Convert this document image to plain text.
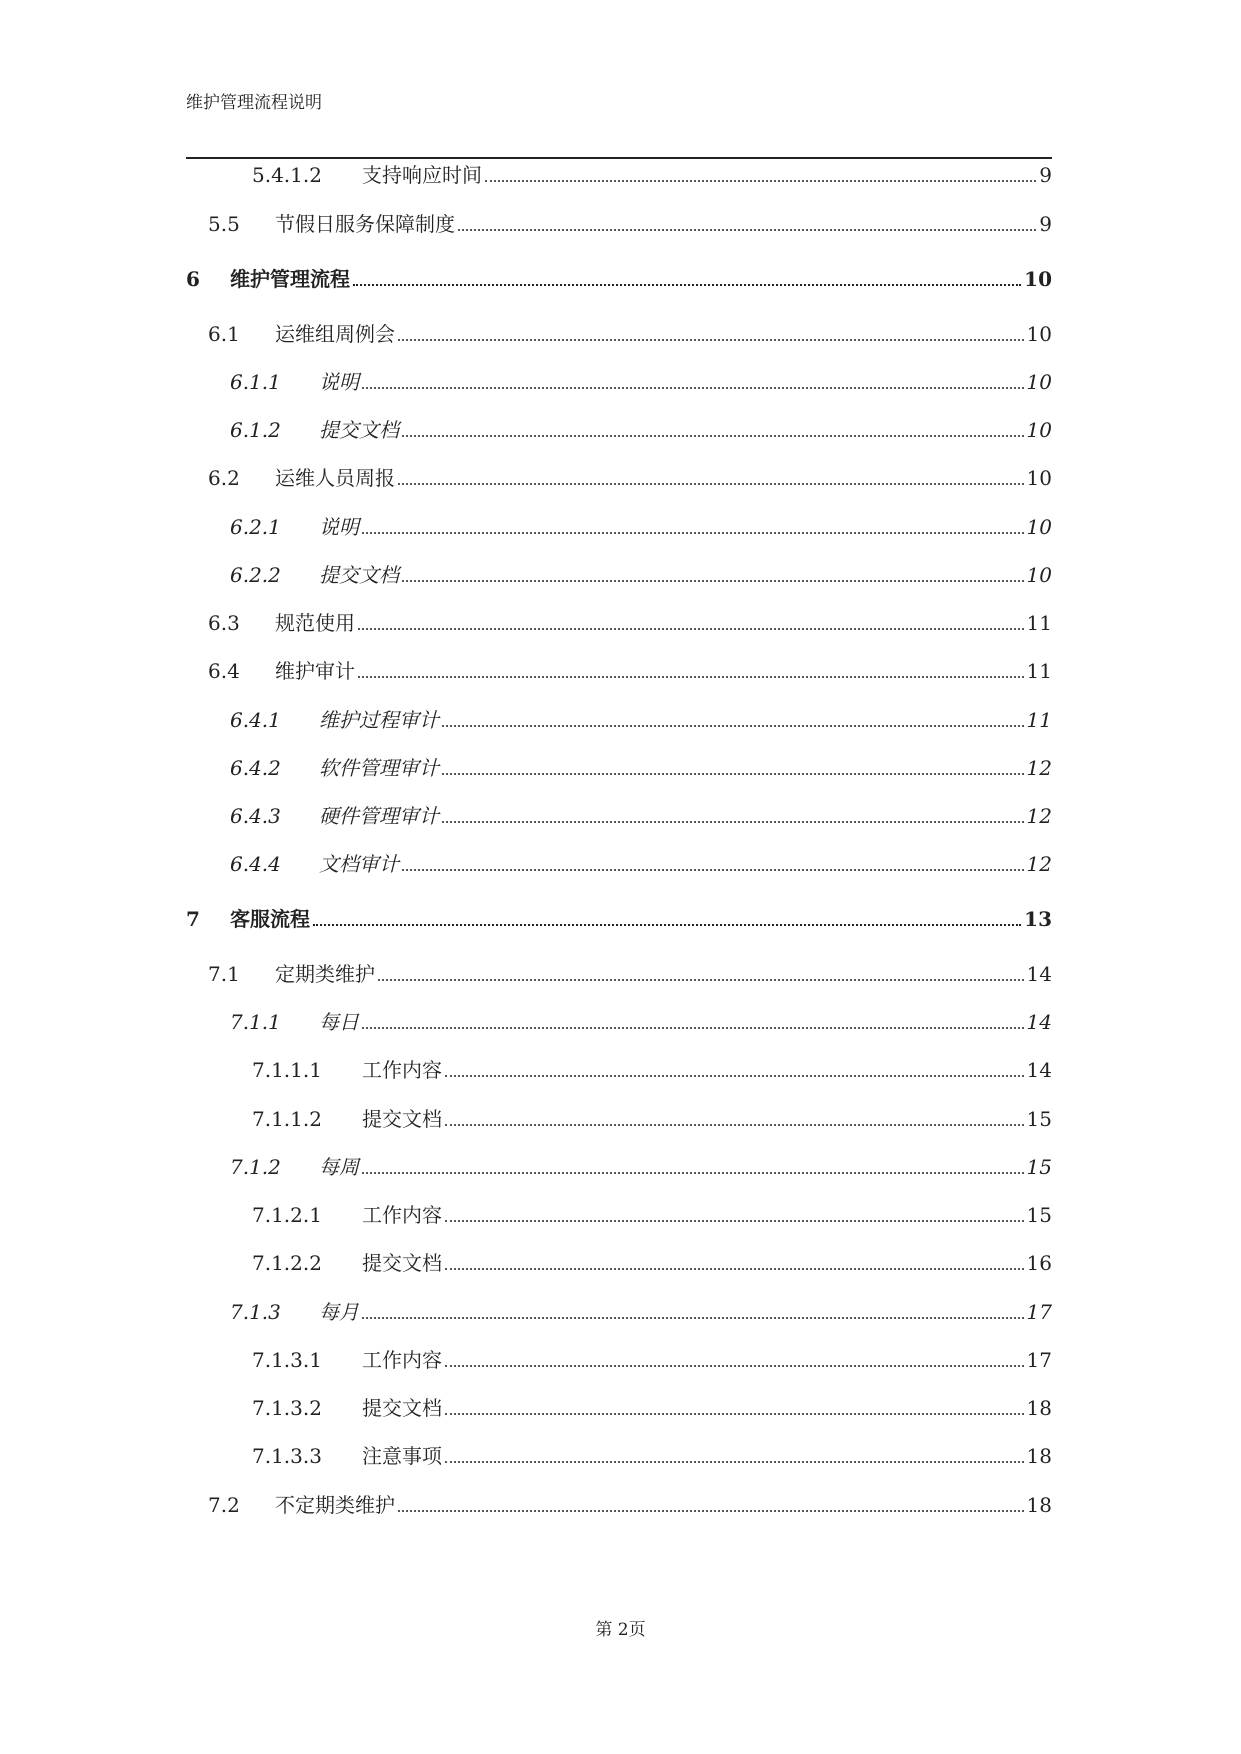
维护管理流程说明
5.4.1.2	支持响应时间	9
5.5	节假日服务保障制度	9
6	维护管理流程	10
6.1	运维组周例会	10
6.1.1	说明	10
6.1.2	提交文档	10
6.2	运维人员周报	10
6.2.1	说明	10
6.2.2	提交文档	10
6.3	规范使用	11
6.4	维护审计	11
6.4.1	维护过程审计	11
6.4.2	软件管理审计	12
6.4.3	硬件管理审计	12
6.4.4	文档审计	12
7	客服流程	13
7.1	定期类维护	14
7.1.1	每日	14
7.1.1.1	工作内容	14
7.1.1.2	提交文档	15
7.1.2	每周	15
7.1.2.1	工作内容	15
7.1.2.2	提交文档	16
7.1.3	每月	17
7.1.3.1	工作内容	17
7.1.3.2	提交文档	18
7.1.3.3	注意事项	18
7.2	不定期类维护	18
第 2页
